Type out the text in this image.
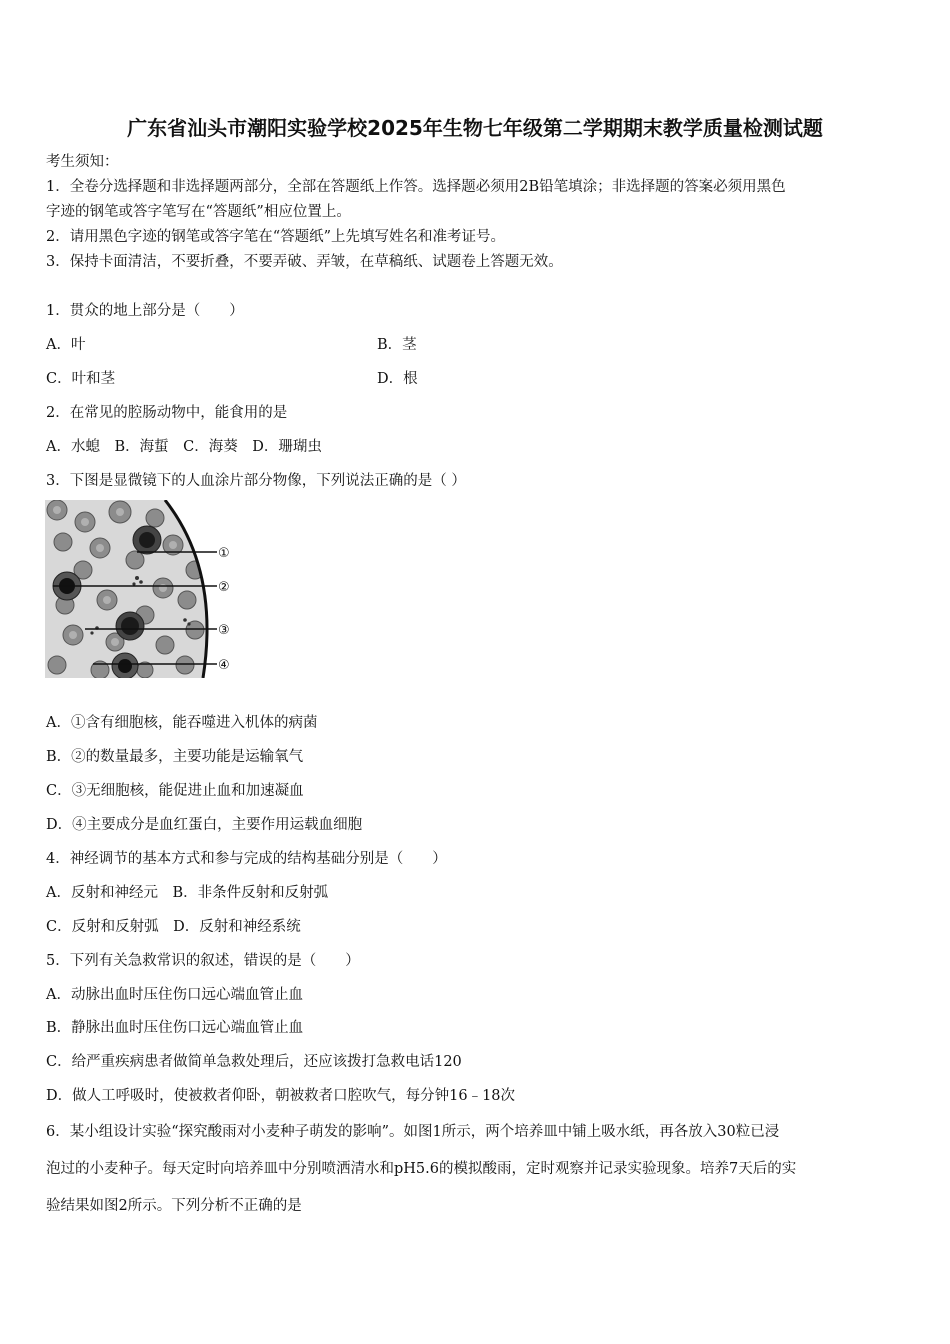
广东省汕头市潮阳实验学校2025年生物七年级第二学期期末教学质量检测试题
考生须知：
1．全卷分选择题和非选择题两部分，全部在答题纸上作答。选择题必须用2B铅笔填涂；非选择题的答案必须用黑色
字迹的钢笔或答字笔写在“答题纸”相应位置上。
2．请用黑色字迹的钢笔或答字笔在“答题纸”上先填写姓名和准考证号。
3．保持卡面清洁，不要折叠，不要弄破、弄皱，在草稿纸、试题卷上答题无效。
1．贯众的地上部分是（　　）
A．叶	B．茎
C．叶和茎	D．根
2．在常见的腔肠动物中，能食用的是
A．水螅　B．海蜇　C．海葵　D．珊瑚虫
3．下图是显微镜下的人血涂片部分物像，下列说法正确的是（ ）
①
②
③
④
A．①含有细胞核，能吞噬进入机体的病菌
B．②的数量最多，主要功能是运输氧气
C．③无细胞核，能促进止血和加速凝血
D．④主要成分是血红蛋白，主要作用运载血细胞
4．神经调节的基本方式和参与完成的结构基础分别是（　　）
A．反射和神经元　B．非条件反射和反射弧
C．反射和反射弧　D．反射和神经系统
5．下列有关急救常识的叙述，错误的是（　　）
A．动脉出血时压住伤口远心端血管止血
B．静脉出血时压住伤口远心端血管止血
C．给严重疾病患者做简单急救处理后，还应该拨打急救电话120
D．做人工呼吸时，使被救者仰卧，朝被救者口腔吹气，每分钟16﹣18次
6．某小组设计实验“探究酸雨对小麦种子萌发的影响”。如图1所示，两个培养皿中铺上吸水纸，再各放入30粒已浸
泡过的小麦种子。每天定时向培养皿中分别喷洒清水和pH5.6的模拟酸雨，定时观察并记录实验现象。培养7天后的实
验结果如图2所示。下列分析不正确的是
